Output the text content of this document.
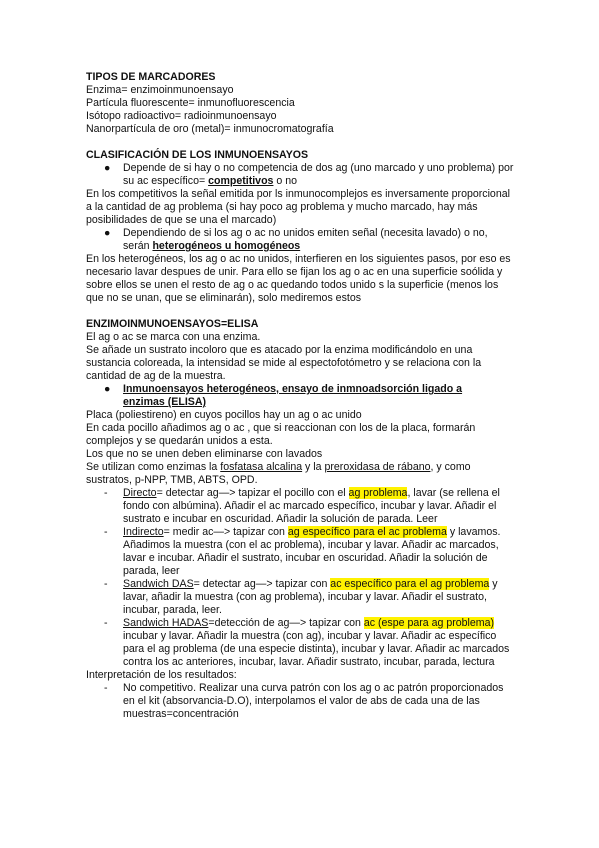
TIPOS DE MARCADORES

Enzima= enzimoinmunoensayo

Partícula fluorescente= inmunofluorescencia

Isótopo radioactivo= radioinmunoensayo

Nanorpartícula de oro (metal)= inmunocromatografía

CLASIFICACIÓN DE LOS INMUNOENSAYOS

● Depende de si hay o no competencia de dos ag (uno marcado y uno problema) por su ac específico= competitivos o no

En los competitivos la señal emitida por ls inmunocomplejos es inversamente proporcional a la cantidad de ag problema (si hay poco ag problema y mucho marcado, hay más posibilidades de que se una el marcado)

● Dependiendo de si los ag o ac no unidos emiten señal (necesita lavado) o no, serán heterogéneos u homogéneos

En los heterogéneos, los ag o ac no unidos, interfieren en los siguientes pasos, por eso es necesario lavar despues de unir. Para ello se fijan los ag o ac en una superficie soólida y sobre ellos se unen el resto de ag o ac quedando todos unido s la superficie (menos los que no se unan, que se eliminarán), solo mediremos estos

ENZIMOINMUNOENSAYOS=ELISA

El ag o ac se marca con una enzima.

Se añade un sustrato incoloro que es atacado por la enzima modificándolo en una sustancia coloreada, la intensidad se mide al espectofotómetro y se relaciona con la cantidad de ag de la muestra.

● Inmunoensayos heterogéneos, ensayo de inmnoadsorción ligado a enzimas (ELISA)

Placa (poliestireno) en cuyos pocillos hay un ag o ac unido

En cada pocillo añadimos ag o ac , que si reaccionan con los de la placa, formarán complejos y se quedarán unidos a esta.

Los que no se unen deben eliminarse con lavados

Se utilizan como enzimas la fosfatasa alcalina y la preroxidasa de rábano, y como sustratos, p-NPP, TMB, ABTS, OPD.

- Directo= detectar ag—> tapizar el pocillo con el ag problema, lavar (se rellena el fondo con albúmina). Añadir el ac marcado específico, incubar y lavar. Añadir el sustrato e incubar en oscuridad. Añadir la solución de parada. Leer
- Indirecto= medir ac—> tapizar con ag específico para el ac problema y lavamos. Añadimos la muestra (con el ac problema), incubar y lavar. Añadir ac marcados, lavar e incubar. Añadir el sustrato, incubar en oscuridad. Añadir la solución de parada, leer
- Sandwich DAS= detectar ag—> tapizar con ac específico para el ag problema y lavar, añadir la muestra (con ag problema), incubar y lavar. Añadir el sustrato, incubar, parada, leer.
- Sandwich HADAS=detección de ag—> tapizar con ac (espe para ag problema) incubar y lavar. Añadir la muestra (con ag), incubar y lavar. Añadir ac específico para el ag problema (de una especie distinta), incubar y lavar. Añadir ac marcados contra los ac anteriores, incubar, lavar. Añadir sustrato, incubar, parada, lectura

Interpretación de los resultados:

- No competitivo. Realizar una curva patrón con los ag o ac patrón proporcionados en el kit (absorvancia-D.O), interpolamos el valor de abs de cada una de las muestras=concentración
